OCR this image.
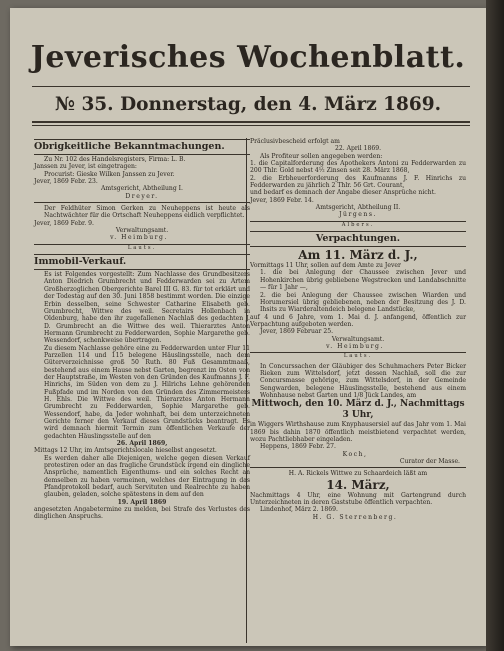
Jeverisches Wochenblatt.
№ 35. Donnerstag, den 4. März 1869.
Obrigkeitliche Bekanntmachungen.

Zu Nr. 102 des Handelsregisters, Firma: L. B.

Janssen zu Jever, ist eingetragen:

Procurist: Gieske Wilken Janssen zu Jever.

Jever, 1869 Febr. 23.

Amtsgericht, Abtheilung I.

Dreyer.

Der Feldhüter Simon Gerken zu Neuheppens ist heute als Nachtwächter für die Ortschaft Neuheppens eidlich verpflichtet.

Jever, 1869 Febr. 9.

Verwaltungsamt.

v. Heimburg.

Lauts.
Immobil-Verkauf.

Es ist Folgendes vorgestellt: Zum Nachlasse des Grundbesitzers Anton Diedrich Grumbrecht und Fedderwarden sei zu Artem Großherzoglichen Obergerichte Barel III G. 83. für tot erklärt und der Todestag auf den 30. Juni 1858 bestimmt worden. Die einzige Erbin desselben, seine Schwester Catharine Elisabeth geb. Grumbrecht, Wittwe des weil. Secretairs Hollenbach in Oldenburg, habe den ihr zugefallenen Nachlaß des gedachten J. D. Grumbrecht an die Wittwe des weil. Thierarztes Anton Hermann Grumbrecht zu Fedderwarden, Sophie Margarethe geb. Wessendorf, schenkweise übertragen.

Zu diesem Nachlasse gehöre eine zu Fedderwarden unter Flur 11 Parzellen 114 und 115 belegene Häuslingsstelle, nach dem Güterverzeichnisse groß 50 Ruth. 80 Fuß Gesammtmaaß, bestehend aus einem Hause nebst Garten, begrenzt im Osten von der Hauptstraße, im Westen von den Gründen des Kaufmanns J. F. Hinrichs, im Süden von dem zu J. Hilrichs Lehne gehörenden Fußpfade und im Norden von den Gründen des Zimmermeisters H. Ehls. Die Wittwe des weil. Thierarztes Anton Hermann Grumbrecht zu Fedderwarden, Sophie Margarethe geb. Wessendorf, habe, da Jeder wohnhaft, bei dem unterzeichneten Gerichte ferner den Verkauf dieses Grundstücks beantragt. Es wird demnach hiermit Termin zum öffentlichen Verkaufe der gedachten Häuslingsstelle auf den

26. April 1869,

Mittags 12 Uhr, im Amtsgerichtslocale hieselbst angesetzt.

Es werden daher alle Diejenigen, welche gegen diesen Verkauf protestiren oder an das fragliche Grundstück irgend ein dingliche Ansprüche, namentlich Eigenthums- und ein solches Recht an demselben zu haben vermeinen, welches der Eintragung in das Pfandprotokoll bedarf, auch Servituten und Realrechte zu haben glauben, geladen, solche spätestens in dem auf den

19. April 1869

angesetzten Angabetermine zu melden, bei Strafe des Verlustes des dinglichen Anspruchs.

Präclusivbescheid erfolgt am

22. April 1869.

Als Profiteur sollen angegeben werden:

1. die Capitalforderung des Apothekers Antoni zu Fedderwarden zu 200 Thlr. Gold nebst 4½ Zinsen seit 28. März 1868,

2. die Erbheuerforderung des Kaufmanns J. F. Hinrichs zu Fedderwarden zu jährlich 2 Thlr. 56 Grt. Courant,

und bedarf es demnach der Angabe dieser Ansprüche nicht.

Jever, 1869 Febr. 14.

Amtsgericht, Abtheilung II.

Jürgens.

Albers.
Verpachtungen.
Am 11. März d. J.,

Vormittags 11 Uhr, sollen auf dem Amte zu Jever

1. die bei Anlegung der Chaussee zwischen Jever und Hohenkirchen übrig gebliebene Wegstrecken und Landabschnitte — für 1 Jahr —,

2. die bei Anlegung der Chaussee zwischen Wiarden und Horumersiel übrig gebliebenen, neben der Besitzung des J. D. Ihsits zu Wiarderaltendeich belegene Landstücke,

auf 4 und 6 Jahre, vom 1. Mai d. J. anfangend, öffentlich zur Verpachtung aufgeboten werden.

Jever, 1869 Februar 25.

Verwaltungsamt.

v. Heimburg.

Lauts.

In Concurssachen der Gläubiger des Schuhmachers Peter Bicker Rieken zum Wittelsdorf, jetzt dessen Nachlaß, soll die zur Concursmasse gehörige, zum Wittelsdorf, in der Gemeinde Sengwarden, belegene Häuslingsstelle, bestehend aus einem Wohnhause nebst Garten und 1/8 Jück Landes, am

Mittwoch, den 10. März d. J., Nachmittags 3 Uhr,

in Wiggers Wirthshause zum Knyphausersiel auf das Jahr vom 1. Mai 1869 bis dahin 1870 öffentlich meistbietend verpachtet werden, wozu Pachtliebhaber eingeladen.

Heppens, 1869 Febr. 27.

Koch,

Curator der Masse.

H. A. Rickels Wittwe zu Schaardeich läßt am

14. März,

Nachmittags 4 Uhr, eine Wohnung mit Gartengrund durch Unterzeichneten in deren Gaststube öffentlich verpachten.

Lindenhof, März 2. 1869.

H. G. Sterrenberg.
